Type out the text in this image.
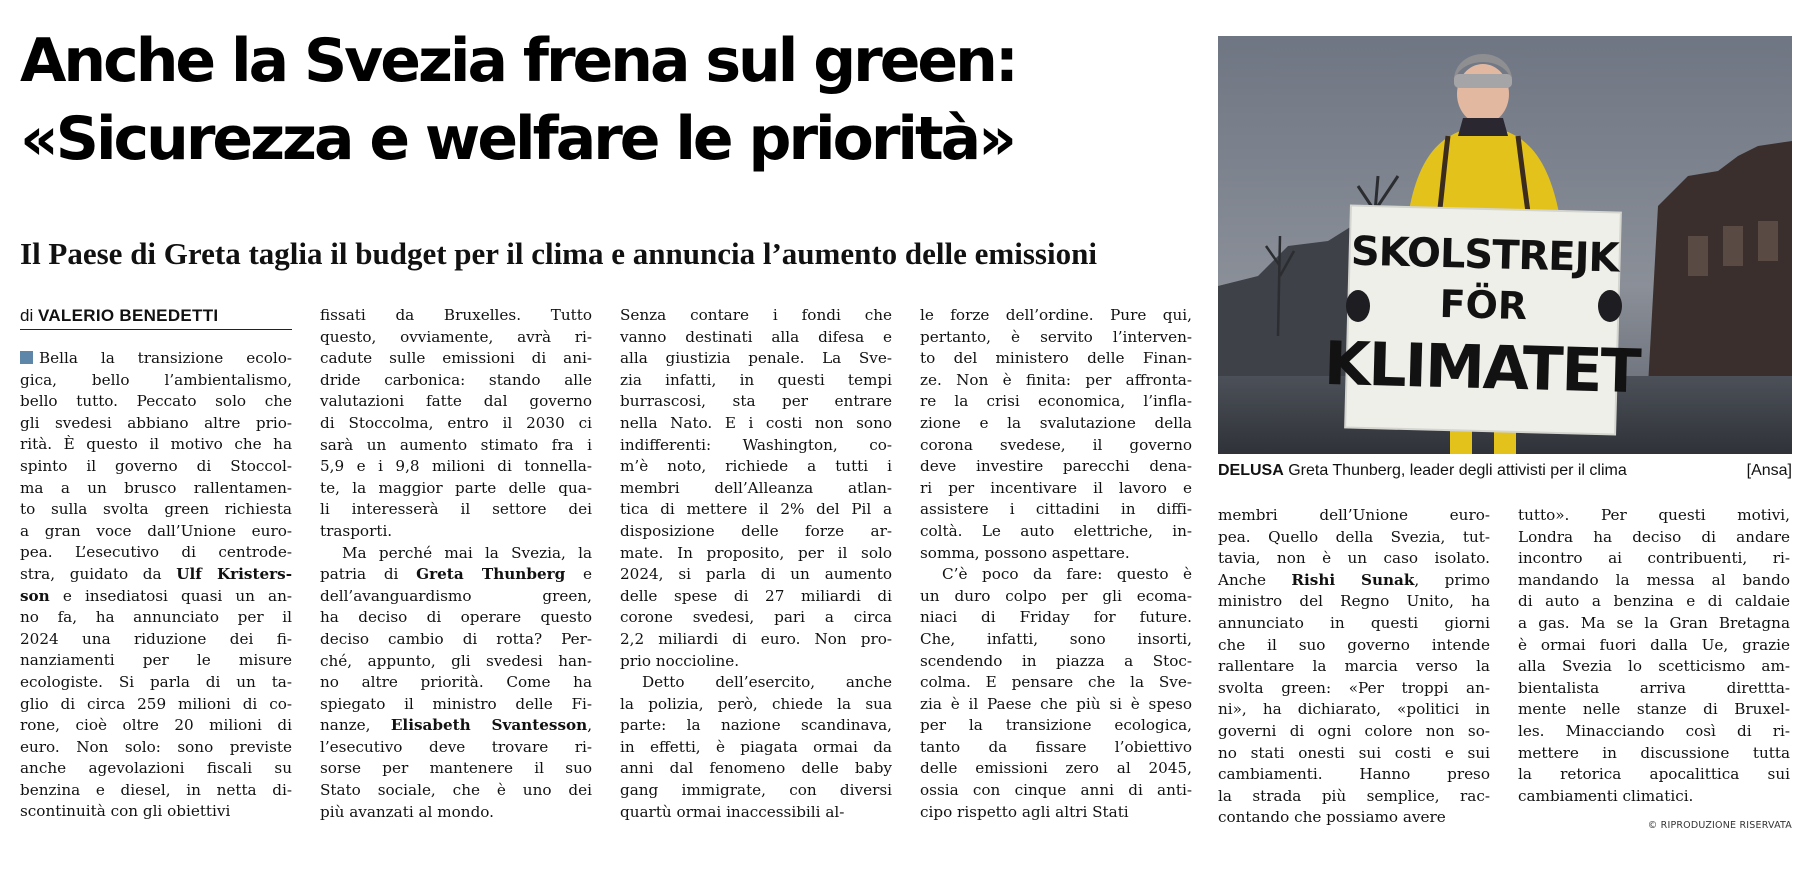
Anche la Svezia frena sul green:
«Sicurezza e welfare le priorità»
Il Paese di Greta taglia il budget per il clima e annuncia l’aumento delle emissioni
di VALERIO BENEDETTI
Bella la transizione ecolo-
gica, bello l’ambientalismo,
bello tutto. Peccato solo che
gli svedesi abbiano altre prio-
rità. È questo il motivo che ha
spinto il governo di Stoccol-
ma a un brusco rallentamen-
to sulla svolta green richiesta
a gran voce dall’Unione euro-
pea. L’esecutivo di centrode-
stra, guidato da Ulf Kristers-
son e insediatosi quasi un an-
no fa, ha annunciato per il
2024 una riduzione dei fi-
nanziamenti per le misure
ecologiste. Si parla di un ta-
glio di circa 259 milioni di co-
rone, cioè oltre 20 milioni di
euro. Non solo: sono previste
anche agevolazioni fiscali su
benzina e diesel, in netta di-
scontinuità con gli obiettivi
fissati da Bruxelles. Tutto
questo, ovviamente, avrà ri-
cadute sulle emissioni di ani-
dride carbonica: stando alle
valutazioni fatte dal governo
di Stoccolma, entro il 2030 ci
sarà un aumento stimato fra i
5,9 e i 9,8 milioni di tonnella-
te, la maggior parte delle qua-
li interesserà il settore dei
trasporti.
Ma perché mai la Svezia, la
patria di Greta Thunberg e
dell’avanguardismo green,
ha deciso di operare questo
deciso cambio di rotta? Per-
ché, appunto, gli svedesi han-
no altre priorità. Come ha
spiegato il ministro delle Fi-
nanze, Elisabeth Svantesson,
l’esecutivo deve trovare ri-
sorse per mantenere il suo
Stato sociale, che è uno dei
più avanzati al mondo.
Senza contare i fondi che
vanno destinati alla difesa e
alla giustizia penale. La Sve-
zia infatti, in questi tempi
burrascosi, sta per entrare
nella Nato. E i costi non sono
indifferenti: Washington, co-
m’è noto, richiede a tutti i
membri dell’Alleanza atlan-
tica di mettere il 2% del Pil a
disposizione delle forze ar-
mate. In proposito, per il solo
2024, si parla di un aumento
delle spese di 27 miliardi di
corone svedesi, pari a circa
2,2 miliardi di euro. Non pro-
prio noccioline.
Detto dell’esercito, anche
la polizia, però, chiede la sua
parte: la nazione scandinava,
in effetti, è piagata ormai da
anni dal fenomeno delle baby
gang immigrate, con diversi
quartù ormai inaccessibili al-
le forze dell’ordine. Pure qui,
pertanto, è servito l’interven-
to del ministero delle Finan-
ze. Non è finita: per affronta-
re la crisi economica, l’infla-
zione e la svalutazione della
corona svedese, il governo
deve investire parecchi dena-
ri per incentivare il lavoro e
assistere i cittadini in diffi-
coltà. Le auto elettriche, in-
somma, possono aspettare.
C’è poco da fare: questo è
un duro colpo per gli ecoma-
niaci di Friday for future.
Che, infatti, sono insorti,
scendendo in piazza a Stoc-
colma. E pensare che la Sve-
zia è il Paese che più si è speso
per la transizione ecologica,
tanto da fissare l’obiettivo
delle emissioni zero al 2045,
ossia con cinque anni di anti-
cipo rispetto agli altri Stati
membri dell’Unione euro-
pea. Quello della Svezia, tut-
tavia, non è un caso isolato.
Anche Rishi Sunak, primo
ministro del Regno Unito, ha
annunciato in questi giorni
che il suo governo intende
rallentare la marcia verso la
svolta green: «Per troppi an-
ni», ha dichiarato, «politici in
governi di ogni colore non so-
no stati onesti sui costi e sui
cambiamenti. Hanno preso
la strada più semplice, rac-
contando che possiamo avere
tutto». Per questi motivi,
Londra ha deciso di andare
incontro ai contribuenti, ri-
mandando la messa al bando
di auto a benzina e di caldaie
a gas. Ma se la Gran Bretagna
è ormai fuori dalla Ue, grazie
alla Svezia lo scetticismo am-
bientalista arriva direttta-
mente nelle stanze di Bruxel-
les. Minacciando così di ri-
mettere in discussione tutta
la retorica apocalittica sui
cambiamenti climatici.
SKOLSTREJK
FÖR
KLIMATET
DELUSA Greta Thunberg, leader degli attivisti per il clima	[Ansa]
© RIPRODUZIONE RISERVATA
